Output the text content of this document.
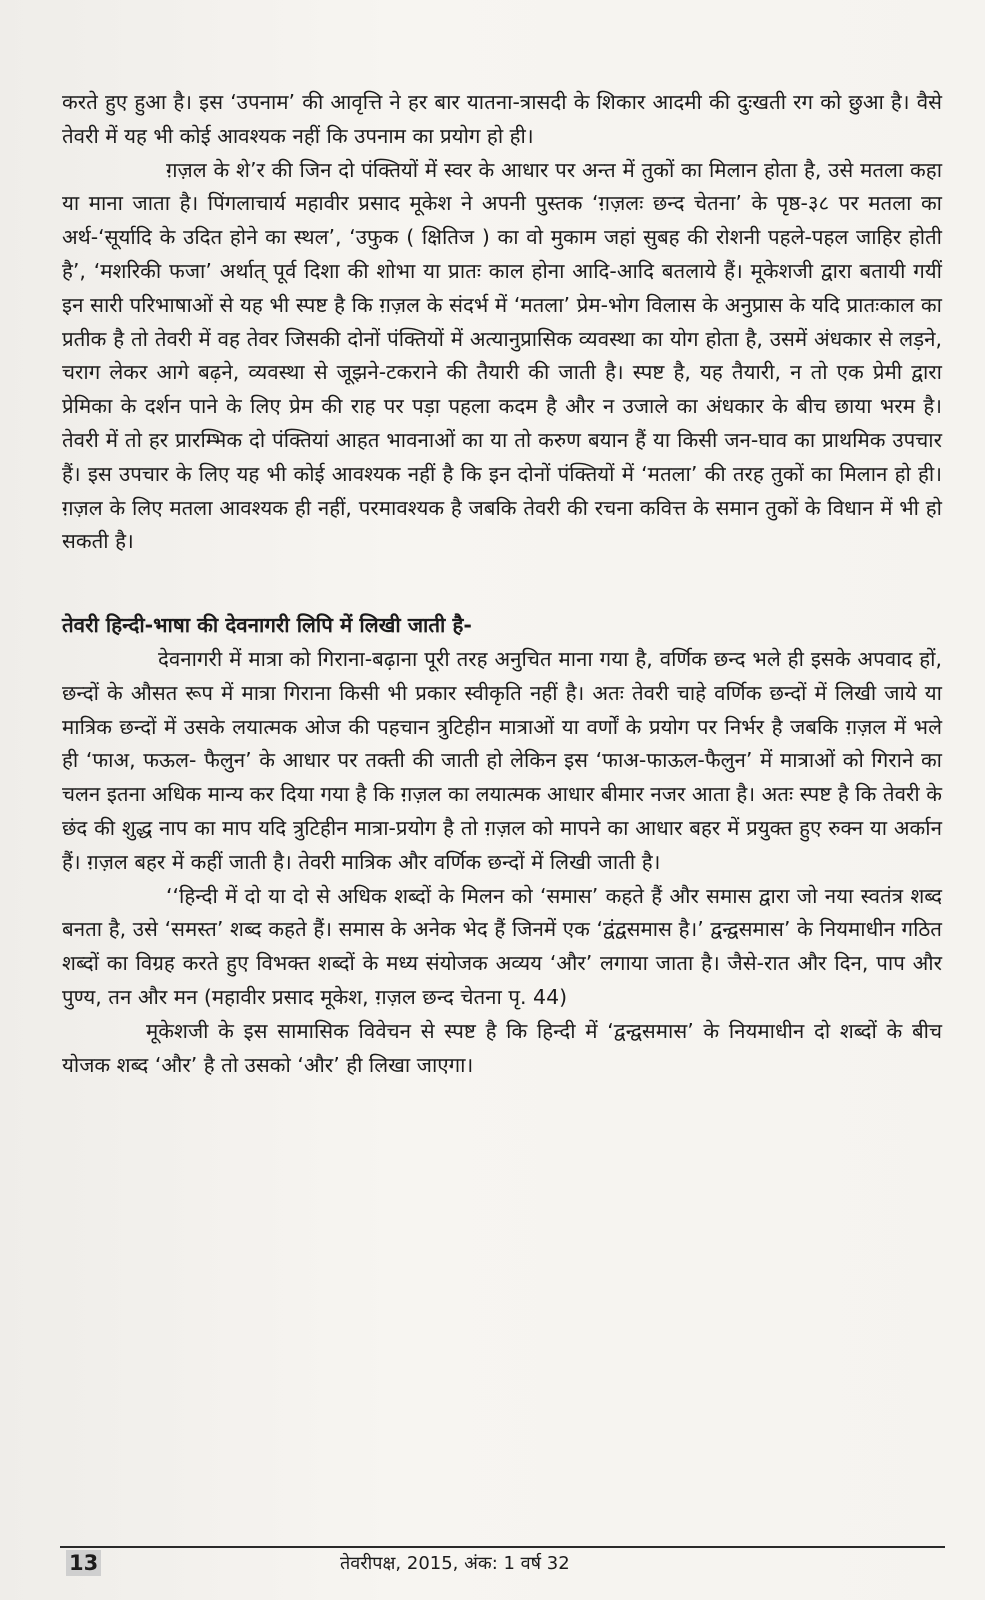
करते हुए हुआ है। इस ‘उपनाम’ की आवृत्ति ने हर बार यातना-त्रासदी के शिकार आदमी की दुःखती रग को छुआ है। वैसे तेवरी में यह भी कोई आवश्यक नहीं कि उपनाम का प्रयोग हो ही।

ग़ज़ल के शे’र की जिन दो पंक्तियों में स्वर के आधार पर अन्त में तुकों का मिलान होता है, उसे मतला कहा या माना जाता है। पिंगलाचार्य महावीर प्रसाद मूकेश ने अपनी पुस्तक ‘ग़ज़लः छन्द चेतना’ के पृष्ठ-३८ पर मतला का अर्थ-‘सूर्यादि के उदित होने का स्थल’, ‘उफुक ( क्षितिज ) का वो मुकाम जहां सुबह की रोशनी पहले-पहल जाहिर होती है’, ‘मशरिकी फजा’ अर्थात् पूर्व दिशा की शोभा या प्रातः काल होना आदि-आदि बतलाये हैं। मूकेशजी द्वारा बतायी गयीं इन सारी परिभाषाओं से यह भी स्पष्ट है कि ग़ज़ल के संदर्भ में ‘मतला’ प्रेम-भोग विलास के अनुप्रास के यदि प्रातःकाल का प्रतीक है तो तेवरी में वह तेवर जिसकी दोनों पंक्तियों में अत्यानुप्रासिक व्यवस्था का योग होता है, उसमें अंधकार से लड़ने, चराग लेकर आगे बढ़ने, व्यवस्था से जूझने-टकराने की तैयारी की जाती है। स्पष्ट है, यह तैयारी, न तो एक प्रेमी द्वारा प्रेमिका के दर्शन पाने के लिए प्रेम की राह पर पड़ा पहला कदम है और न उजाले का अंधकार के बीच छाया भरम है। तेवरी में तो हर प्रारम्भिक दो पंक्तियां आहत भावनाओं का या तो करुण बयान हैं या किसी जन-घाव का प्राथमिक उपचार हैं। इस उपचार के लिए यह भी कोई आवश्यक नहीं है कि इन दोनों पंक्तियों में ‘मतला’ की तरह तुकों का मिलान हो ही। ग़ज़ल के लिए मतला आवश्यक ही नहीं, परमावश्यक है जबकि तेवरी की रचना कवित्त के समान तुकों के विधान में भी हो सकती है।

तेवरी हिन्दी-भाषा की देवनागरी लिपि में लिखी जाती है-

देवनागरी में मात्रा को गिराना-बढ़ाना पूरी तरह अनुचित माना गया है, वर्णिक छन्द भले ही इसके अपवाद हों, छन्दों के औसत रूप में मात्रा गिराना किसी भी प्रकार स्वीकृति नहीं है। अतः तेवरी चाहे वर्णिक छन्दों में लिखी जाये या मात्रिक छन्दों में उसके लयात्मक ओज की पहचान त्रुटिहीन मात्राओं या वर्णों के प्रयोग पर निर्भर है जबकि ग़ज़ल में भले ही ‘फाअ, फऊल- फैलुन’ के आधार पर तक्ती की जाती हो लेकिन इस ‘फाअ-फाऊल-फैलुन’ में मात्राओं को गिराने का चलन इतना अधिक मान्य कर दिया गया है कि ग़ज़ल का लयात्मक आधार बीमार नजर आता है। अतः स्पष्ट है कि तेवरी के छंद की शुद्ध नाप का माप यदि त्रुटिहीन मात्रा-प्रयोग है तो ग़ज़ल को मापने का आधार बहर में प्रयुक्त हुए रुक्न या अर्कान हैं। ग़ज़ल बहर में कहीं जाती है। तेवरी मात्रिक और वर्णिक छन्दों में लिखी जाती है।

‘‘हिन्दी में दो या दो से अधिक शब्दों के मिलन को ‘समास’ कहते हैं और समास द्वारा जो नया स्वतंत्र शब्द बनता है, उसे ‘समस्त’ शब्द कहते हैं। समास के अनेक भेद हैं जिनमें एक ‘द्वंद्वसमास है।’ द्वन्द्वसमास’ के नियमाधीन गठित शब्दों का विग्रह करते हुए विभक्त शब्दों के मध्य संयोजक अव्यय ‘और’ लगाया जाता है। जैसे-रात और दिन, पाप और पुण्य, तन और मन (महावीर प्रसाद मूकेश, ग़ज़ल छन्द चेतना पृ. 44)

मूकेशजी के इस सामासिक विवेचन से स्पष्ट है कि हिन्दी में ‘द्वन्द्वसमास’ के नियमाधीन दो शब्दों के बीच योजक शब्द ‘और’ है तो उसको ‘और’ ही लिखा जाएगा।

13	तेवरीपक्ष, 2015, अंक: 1 वर्ष 32
